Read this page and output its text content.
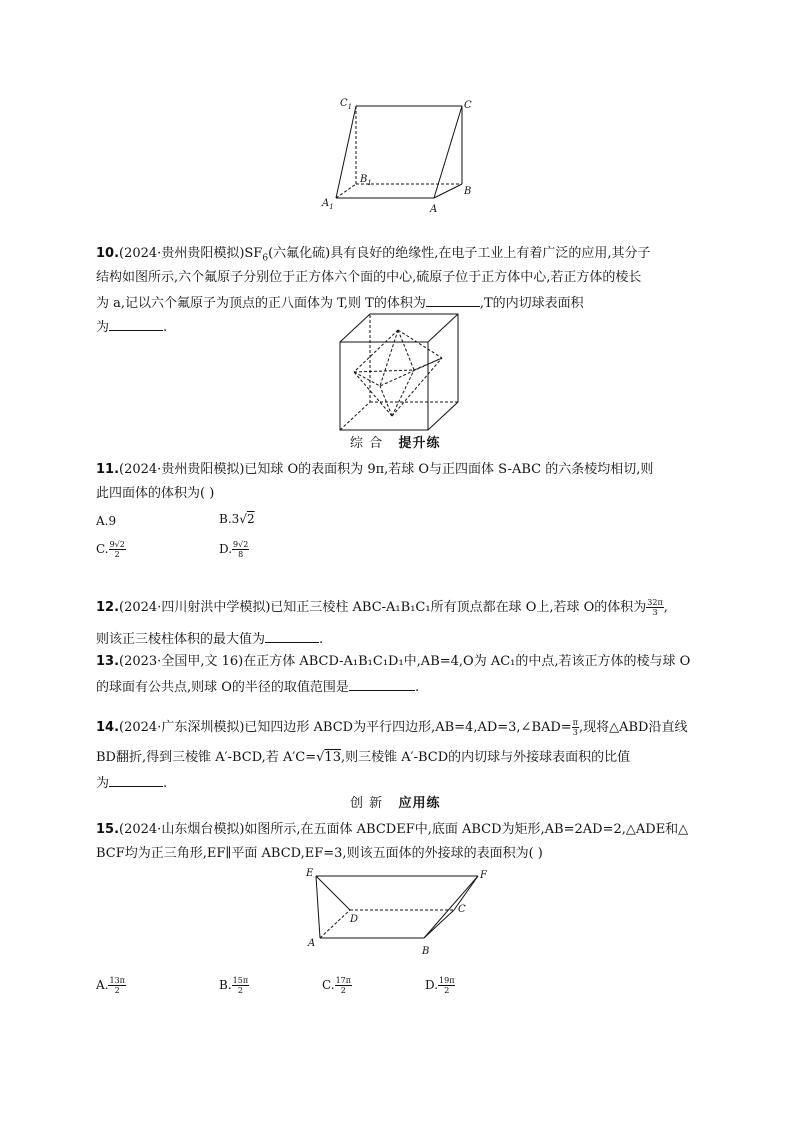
$C_1$	C
$B_1$
$A_1$	A
B
10.(2024·贵州贵阳模拟)$SF_6$(六氟化硫)具有良好的绝缘性,在电子工业上有着广泛的应用,其分子
结构如图所示,六个氟原子分别位于正方体六个面的中心,硫原子位于正方体中心,若正方体的棱长
为 a,记以六个氟原子为顶点的正八面体为 T,则 T的体积为	,T的内切球表面积
为	.
综 合 提升练
11.(2024·贵州贵阳模拟)已知球 O的表面积为 9π,若球 O与正四面体 S-ABC 的六条棱均相切,则
此四面体的体积为( )
A.9	B.3√2
C. $\frac{9√2}{2}$	D. $\frac{9√2}{8}$
12.(2024·四川射洪中学模拟)已知正三棱柱 ABC-A₁B₁C₁所有顶点都在球 O上,若球 O的体积为 $\frac{32\pi}{3}$ ,
则该正三棱柱体积的最大值为	.
13.(2023·全国甲,文 16)在正方体 ABCD-A₁B₁C₁D₁中,AB=4,O为 AC₁的中点,若该正方体的棱与球 O
的球面有公共点,则球 O的半径的取值范围是	.
14.(2024·广东深圳模拟)已知四边形 ABCD为平行四边形,AB=4,AD=3,∠BAD= $\frac{\pi}{3}$ ,现将△ABD沿直线
BD翻折,得到三棱锥 A′-BCD,若 A′C=√13,则三棱锥 A′-BCD的内切球与外接球表面积的比值
为	.
创 新 应用练
15.(2024·山东烟台模拟)如图所示,在五面体 ABCDEF中,底面 ABCD为矩形,AB=2AD=2,△ADE和△
BCF均为正三角形,EF∥平面 ABCD,EF=3,则该五面体的外接球的表面积为( )
E	F
D
C
A
B
A. $\frac{13\pi}{2}$	B. $\frac{15\pi}{2}$	C. $\frac{17\pi}{2}$	D. $\frac{19\pi}{2}$
